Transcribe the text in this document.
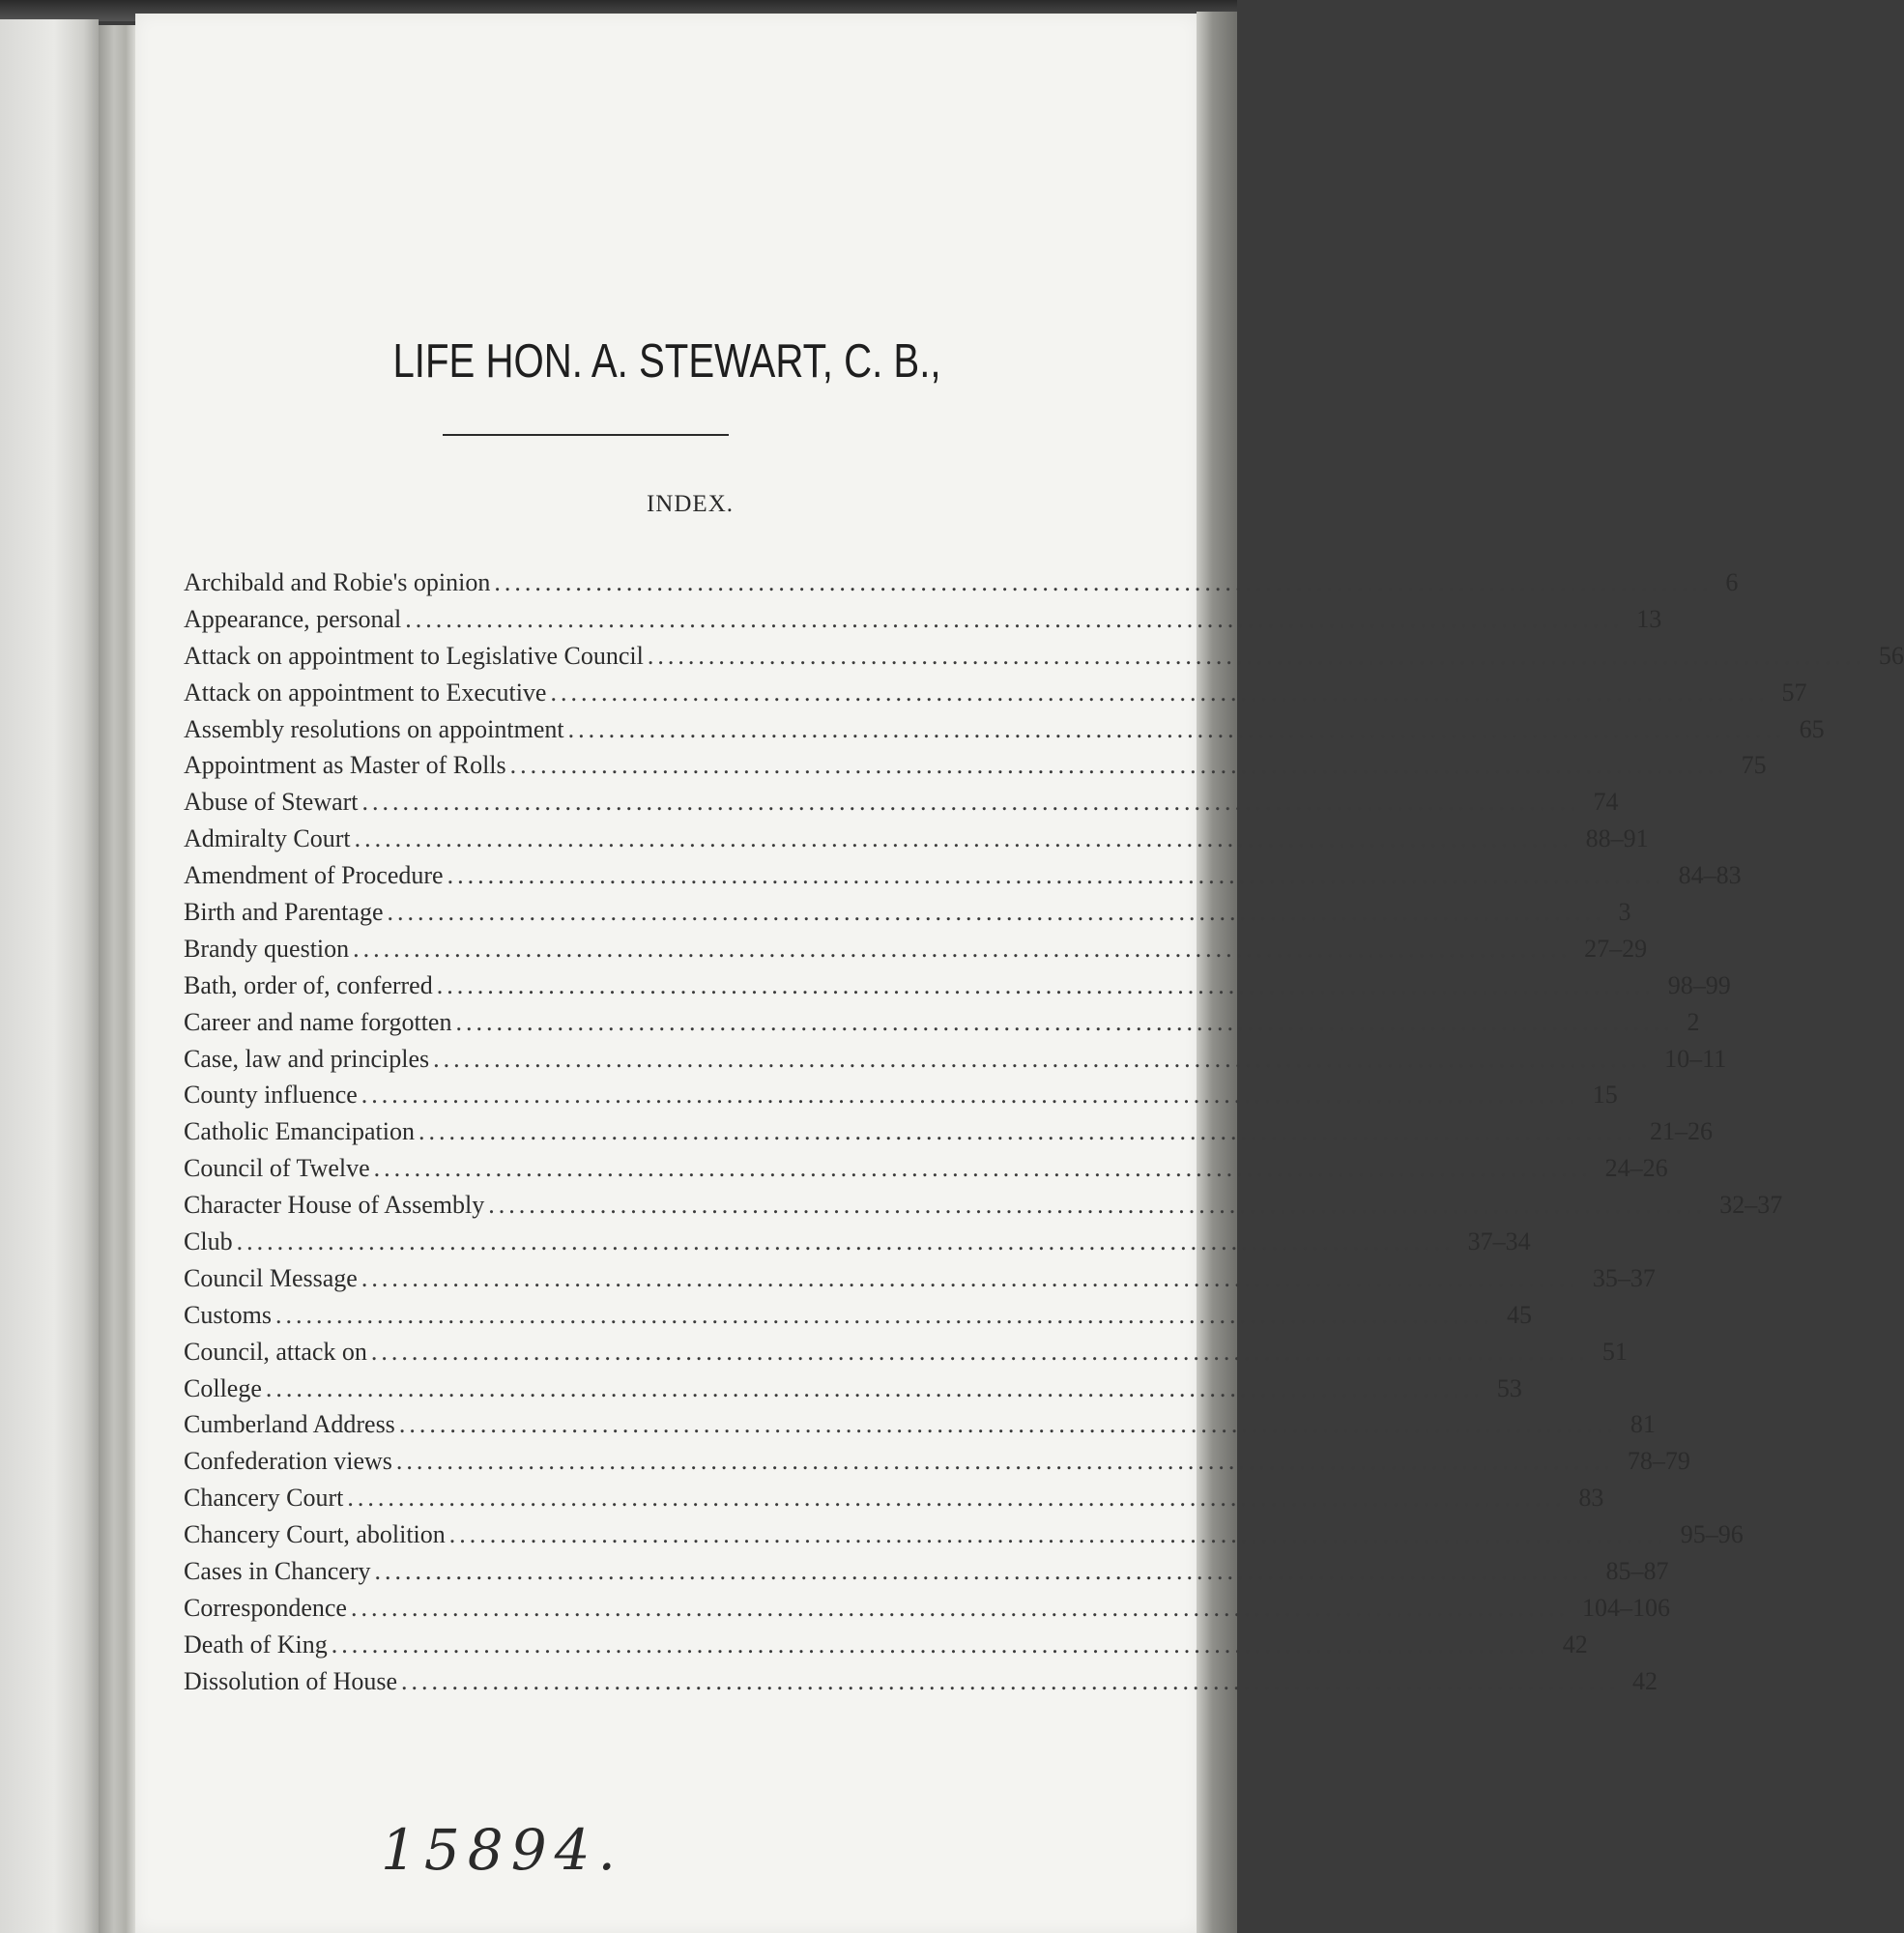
LIFE HON. A. STEWART, C. B.,
INDEX.
Archibald and Robie's opinion ........................................................................................................................ 6
Appearance, personal ........................................................................................................................ 13
Attack on appointment to Legislative Council ........................................................................................................................ 56
Attack on appointment to Executive ........................................................................................................................ 57
Assembly resolutions on appointment ........................................................................................................................ 65
Appointment as Master of Rolls ........................................................................................................................ 75
Abuse of Stewart ........................................................................................................................ 74
Admiralty Court ........................................................................................................................ 88–91
Amendment of Procedure ........................................................................................................................ 84–83
Birth and Parentage ........................................................................................................................ 3
Brandy question ........................................................................................................................ 27–29
Bath, order of, conferred ........................................................................................................................ 98–99
Career and name forgotten ........................................................................................................................ 2
Case, law and principles ........................................................................................................................ 10–11
County influence ........................................................................................................................ 15
Catholic Emancipation ........................................................................................................................ 21–26
Council of Twelve ........................................................................................................................ 24–26
Character House of Assembly ........................................................................................................................ 32–37
Club ........................................................................................................................ 37–34
Council Message ........................................................................................................................ 35–37
Customs ........................................................................................................................ 45
Council, attack on ........................................................................................................................ 51
College ........................................................................................................................ 53
Cumberland Address ........................................................................................................................ 81
Confederation views ........................................................................................................................ 78–79
Chancery Court ........................................................................................................................ 83
Chancery Court, abolition ........................................................................................................................ 95–96
Cases in Chancery ........................................................................................................................ 85–87
Correspondence ........................................................................................................................ 104–106
Death of King ........................................................................................................................ 42
Dissolution of House ........................................................................................................................ 42
15894.
